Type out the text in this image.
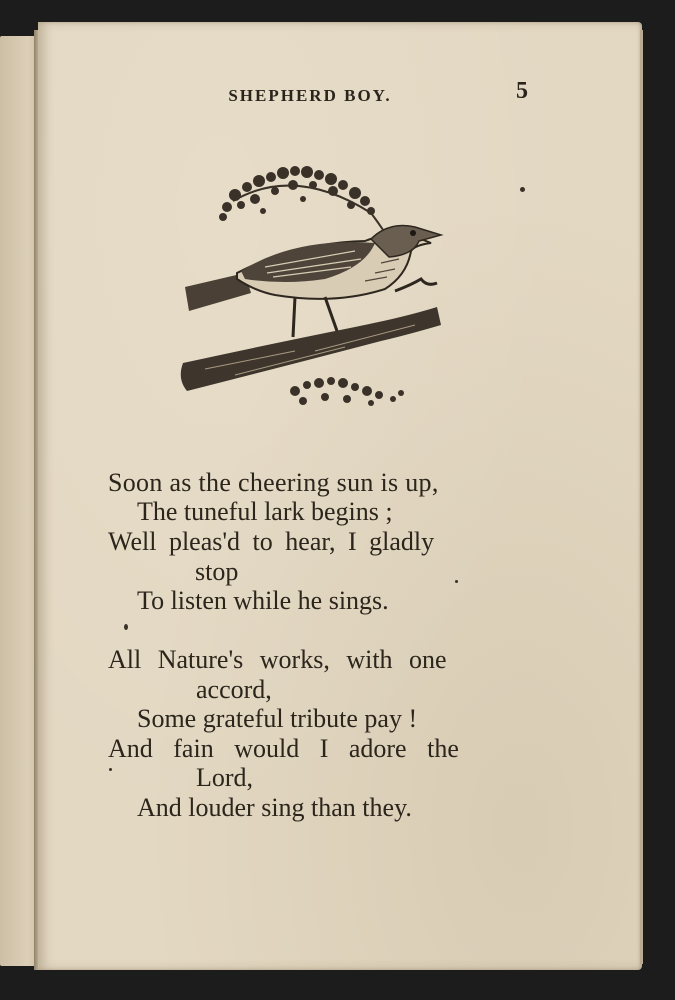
SHEPHERD BOY.	5
Soon as the cheering sun is up,
The tuneful lark begins ;
Well pleas'd to hear, I gladly
stop
To listen while he sings.
All Nature's works, with one
accord,
Some grateful tribute pay !
And fain would I adore the
Lord,
And louder sing than they.
